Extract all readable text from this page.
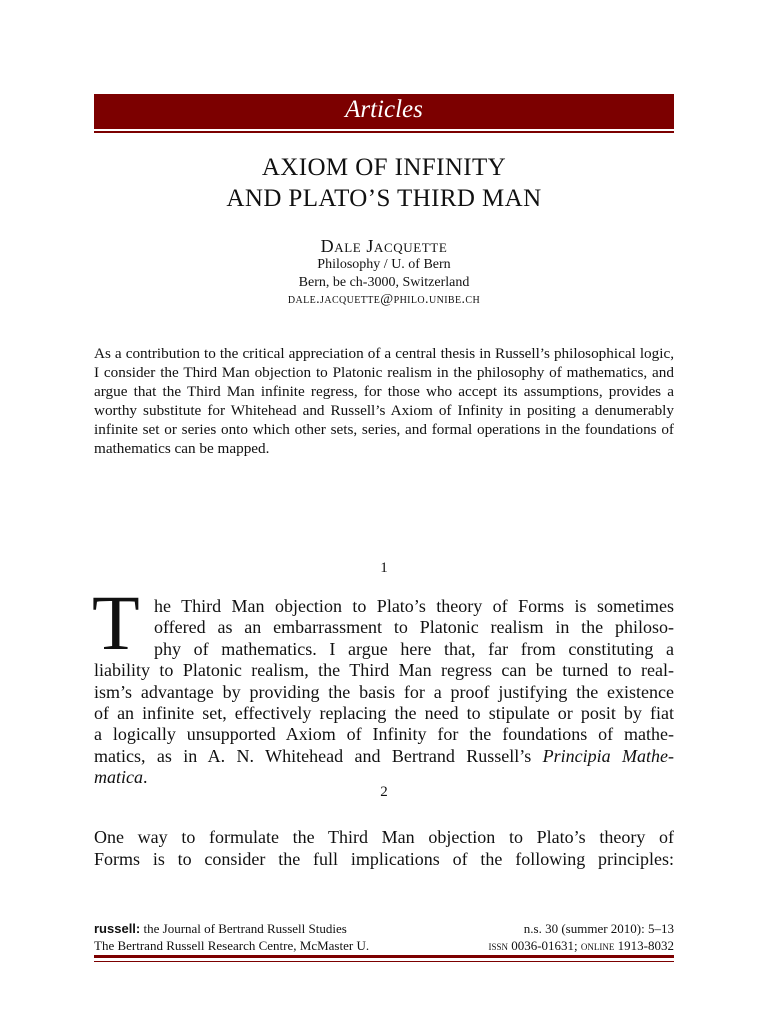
Articles
AXIOM OF INFINITY
AND PLATO’S THIRD MAN
Dale Jacquette
Philosophy / U. of Bern
Bern, be ch-3000, Switzerland
dale.jacquette@philo.unibe.ch
As a contribution to the critical appreciation of a central thesis in Russell’s philosophical logic, I consider the Third Man objection to Platonic realism in the philosophy of mathematics, and argue that the Third Man infinite regress, for those who accept its assumptions, provides a worthy substitute for Whitehead and Russell’s Axiom of Infinity in positing a denumerably infinite set or series onto which other sets, series, and formal operations in the foundations of mathematics can be mapped.
1
T he Third Man objection to Plato’s theory of Forms is sometimes
offered as an embarrassment to Platonic realism in the philoso-
phy of mathematics. I argue here that, far from constituting a
liability to Platonic realism, the Third Man regress can be turned to real-
ism’s advantage by providing the basis for a proof justifying the existence
of an infinite set, effectively replacing the need to stipulate or posit by fiat
a logically unsupported Axiom of Infinity for the foundations of mathe-
matics, as in A. N. Whitehead and Bertrand Russell’s Principia Mathe-
matica.
2
One way to formulate the Third Man objection to Plato’s theory of
Forms is to consider the full implications of the following principles:
russell: the Journal of Bertrand Russell Studies
The Bertrand Russell Research Centre, McMaster U.
n.s. 30 (summer 2010): 5–13
issn 0036-01631; online 1913-8032
